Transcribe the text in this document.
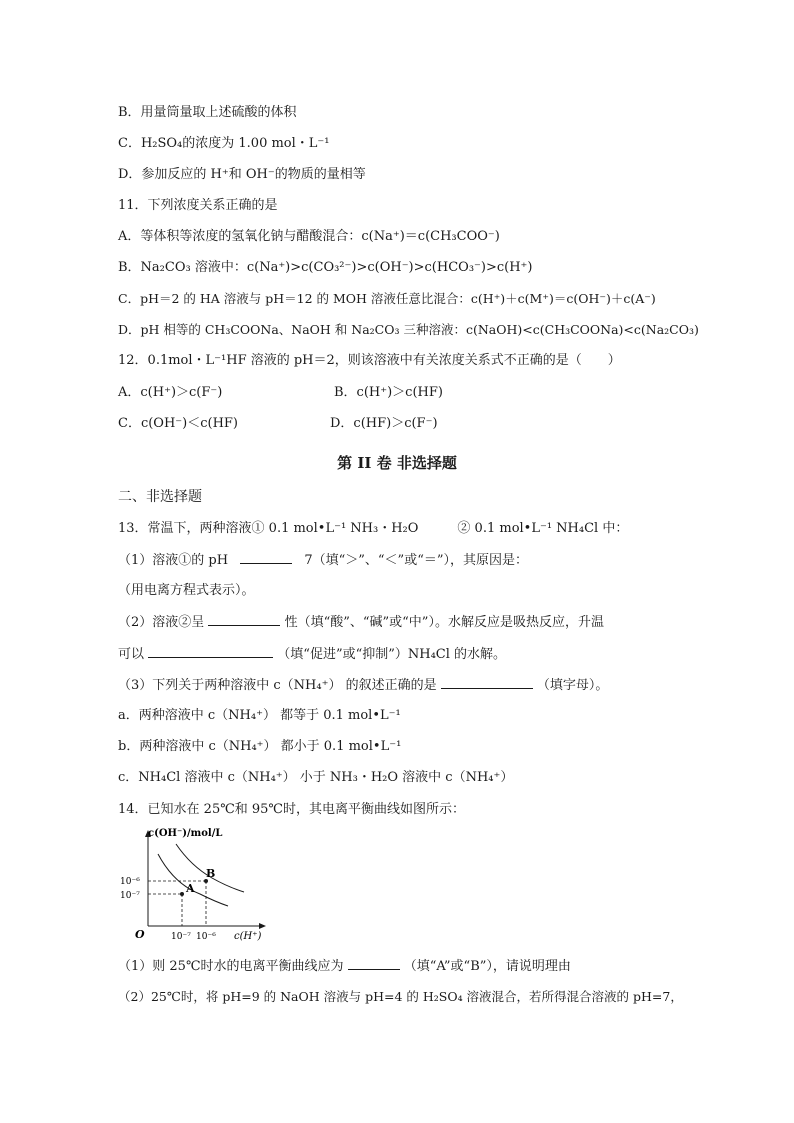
B．用量筒量取上述硫酸的体积
C．H₂SO₄的浓度为 1.00 mol・L⁻¹
D．参加反应的 H⁺和 OH⁻的物质的量相等
11．下列浓度关系正确的是
A．等体积等浓度的氢氧化钠与醋酸混合：c(Na⁺)＝c(CH₃COO⁻)
B．Na₂CO₃ 溶液中：c(Na⁺)>c(CO₃²⁻)>c(OH⁻)>c(HCO₃⁻)>c(H⁺)
C．pH＝2 的 HA 溶液与 pH＝12 的 MOH 溶液任意比混合：c(H⁺)＋c(M⁺)＝c(OH⁻)＋c(A⁻)
D．pH 相等的 CH₃COONa、NaOH 和 Na₂CO₃ 三种溶液：c(NaOH)<c(CH₃COONa)<c(Na₂CO₃)
12．0.1mol・L⁻¹HF 溶液的 pH＝2，则该溶液中有关浓度关系式不正确的是（　　）
A．c(H⁺)＞c(F⁻)	B．c(H⁺)＞c(HF)
C．c(OH⁻)＜c(HF)	D．c(HF)＞c(F⁻)
第 II 卷 非选择题
二、非选择题
13．常温下，两种溶液① 0.1 mol•L⁻¹ NH₃・H₂O　　　② 0.1 mol•L⁻¹ NH₄Cl 中：
（1）溶液①的 pH	7（填“＞”、“＜”或“＝”），其原因是：
（用电离方程式表示）。
（2）溶液②呈	性（填“酸”、“碱”或“中”）。水解反应是吸热反应，升温
可以	（填“促进”或“抑制”）NH₄Cl 的水解。
（3）下列关于两种溶液中 c（NH₄⁺） 的叙述正确的是	（填字母）。
a．两种溶液中 c（NH₄⁺） 都等于 0.1 mol•L⁻¹
b．两种溶液中 c（NH₄⁺） 都小于 0.1 mol•L⁻¹
c．NH₄Cl 溶液中 c（NH₄⁺） 小于 NH₃・H₂O 溶液中 c（NH₄⁺）
14．已知水在 25℃和 95℃时，其电离平衡曲线如图所示：
c(OH⁻)/mol/L
c(H⁺)
O
10⁻⁶
10⁻⁷
10⁻⁷ 10⁻⁶
A
B
（1）则 25℃时水的电离平衡曲线应为	（填“A”或“B”），请说明理由
（2）25℃时，将 pH=9 的 NaOH 溶液与 pH=4 的 H₂SO₄ 溶液混合，若所得混合溶液的 pH=7，
